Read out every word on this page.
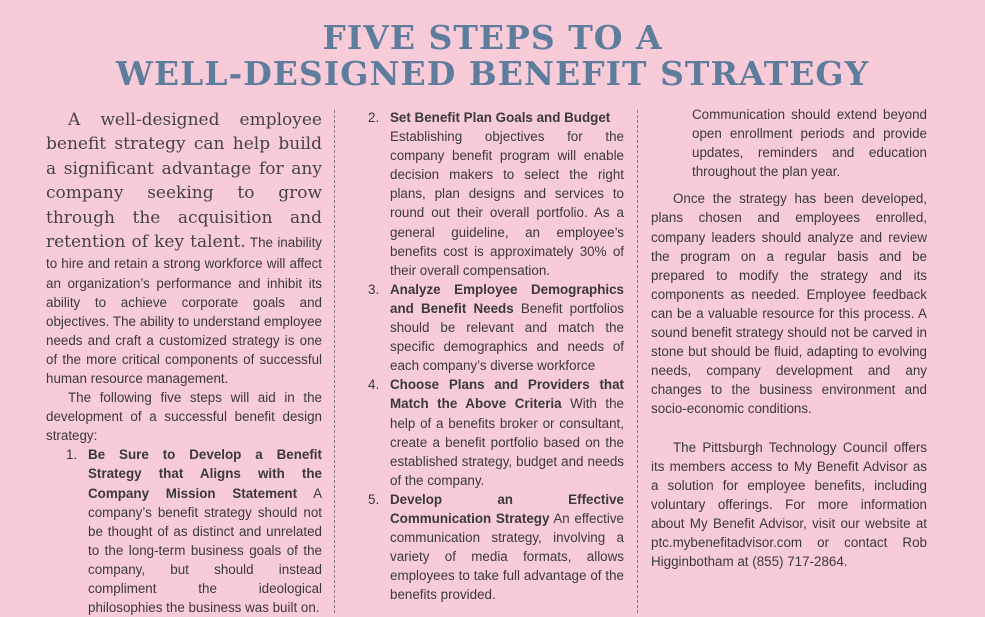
FIVE STEPS TO A
WELL-DESIGNED BENEFIT STRATEGY

A well-designed employee benefit strategy can help build a significant advantage for any company seeking to grow through the acquisition and retention of key talent. The inability to hire and retain a strong workforce will affect an organization’s performance and inhibit its ability to achieve corporate goals and objectives. The ability to understand employee needs and craft a customized strategy is one of the more critical components of successful human resource management.

The following five steps will aid in the development of a successful benefit design strategy:

1. Be Sure to Develop a Benefit Strategy that Aligns with the Company Mission Statement A company’s benefit strategy should not be thought of as distinct and unrelated to the long-term business goals of the company, but should instead compliment the ideological philosophies the business was built on.
2. Set Benefit Plan Goals and Budget
Establishing objectives for the company benefit program will enable decision makers to select the right plans, plan designs and services to round out their overall portfolio. As a general guideline, an employee’s benefits cost is approximately 30% of their overall compensation.
3. Analyze Employee Demographics and Benefit Needs Benefit portfolios should be relevant and match the specific demographics and needs of each company’s diverse workforce
4. Choose Plans and Providers that Match the Above Criteria With the help of a benefits broker or consultant, create a benefit portfolio based on the established strategy, budget and needs of the company.
5. Develop an Effective Communication Strategy An effective communication strategy, involving a variety of media formats, allows employees to take full advantage of the benefits provided.

Communication should extend beyond open enrollment periods and provide updates, reminders and education throughout the plan year.

Once the strategy has been developed, plans chosen and employees enrolled, company leaders should analyze and review the program on a regular basis and be prepared to modify the strategy and its components as needed. Employee feedback can be a valuable resource for this process. A sound benefit strategy should not be carved in stone but should be fluid, adapting to evolving needs, company development and any changes to the business environment and socio-economic conditions.

The Pittsburgh Technology Council offers its members access to My Benefit Advisor as a solution for employee benefits, including voluntary offerings. For more information about My Benefit Advisor, visit our website at ptc.mybenefitadvisor.com or contact Rob Higginbotham at (855) 717-2864.
